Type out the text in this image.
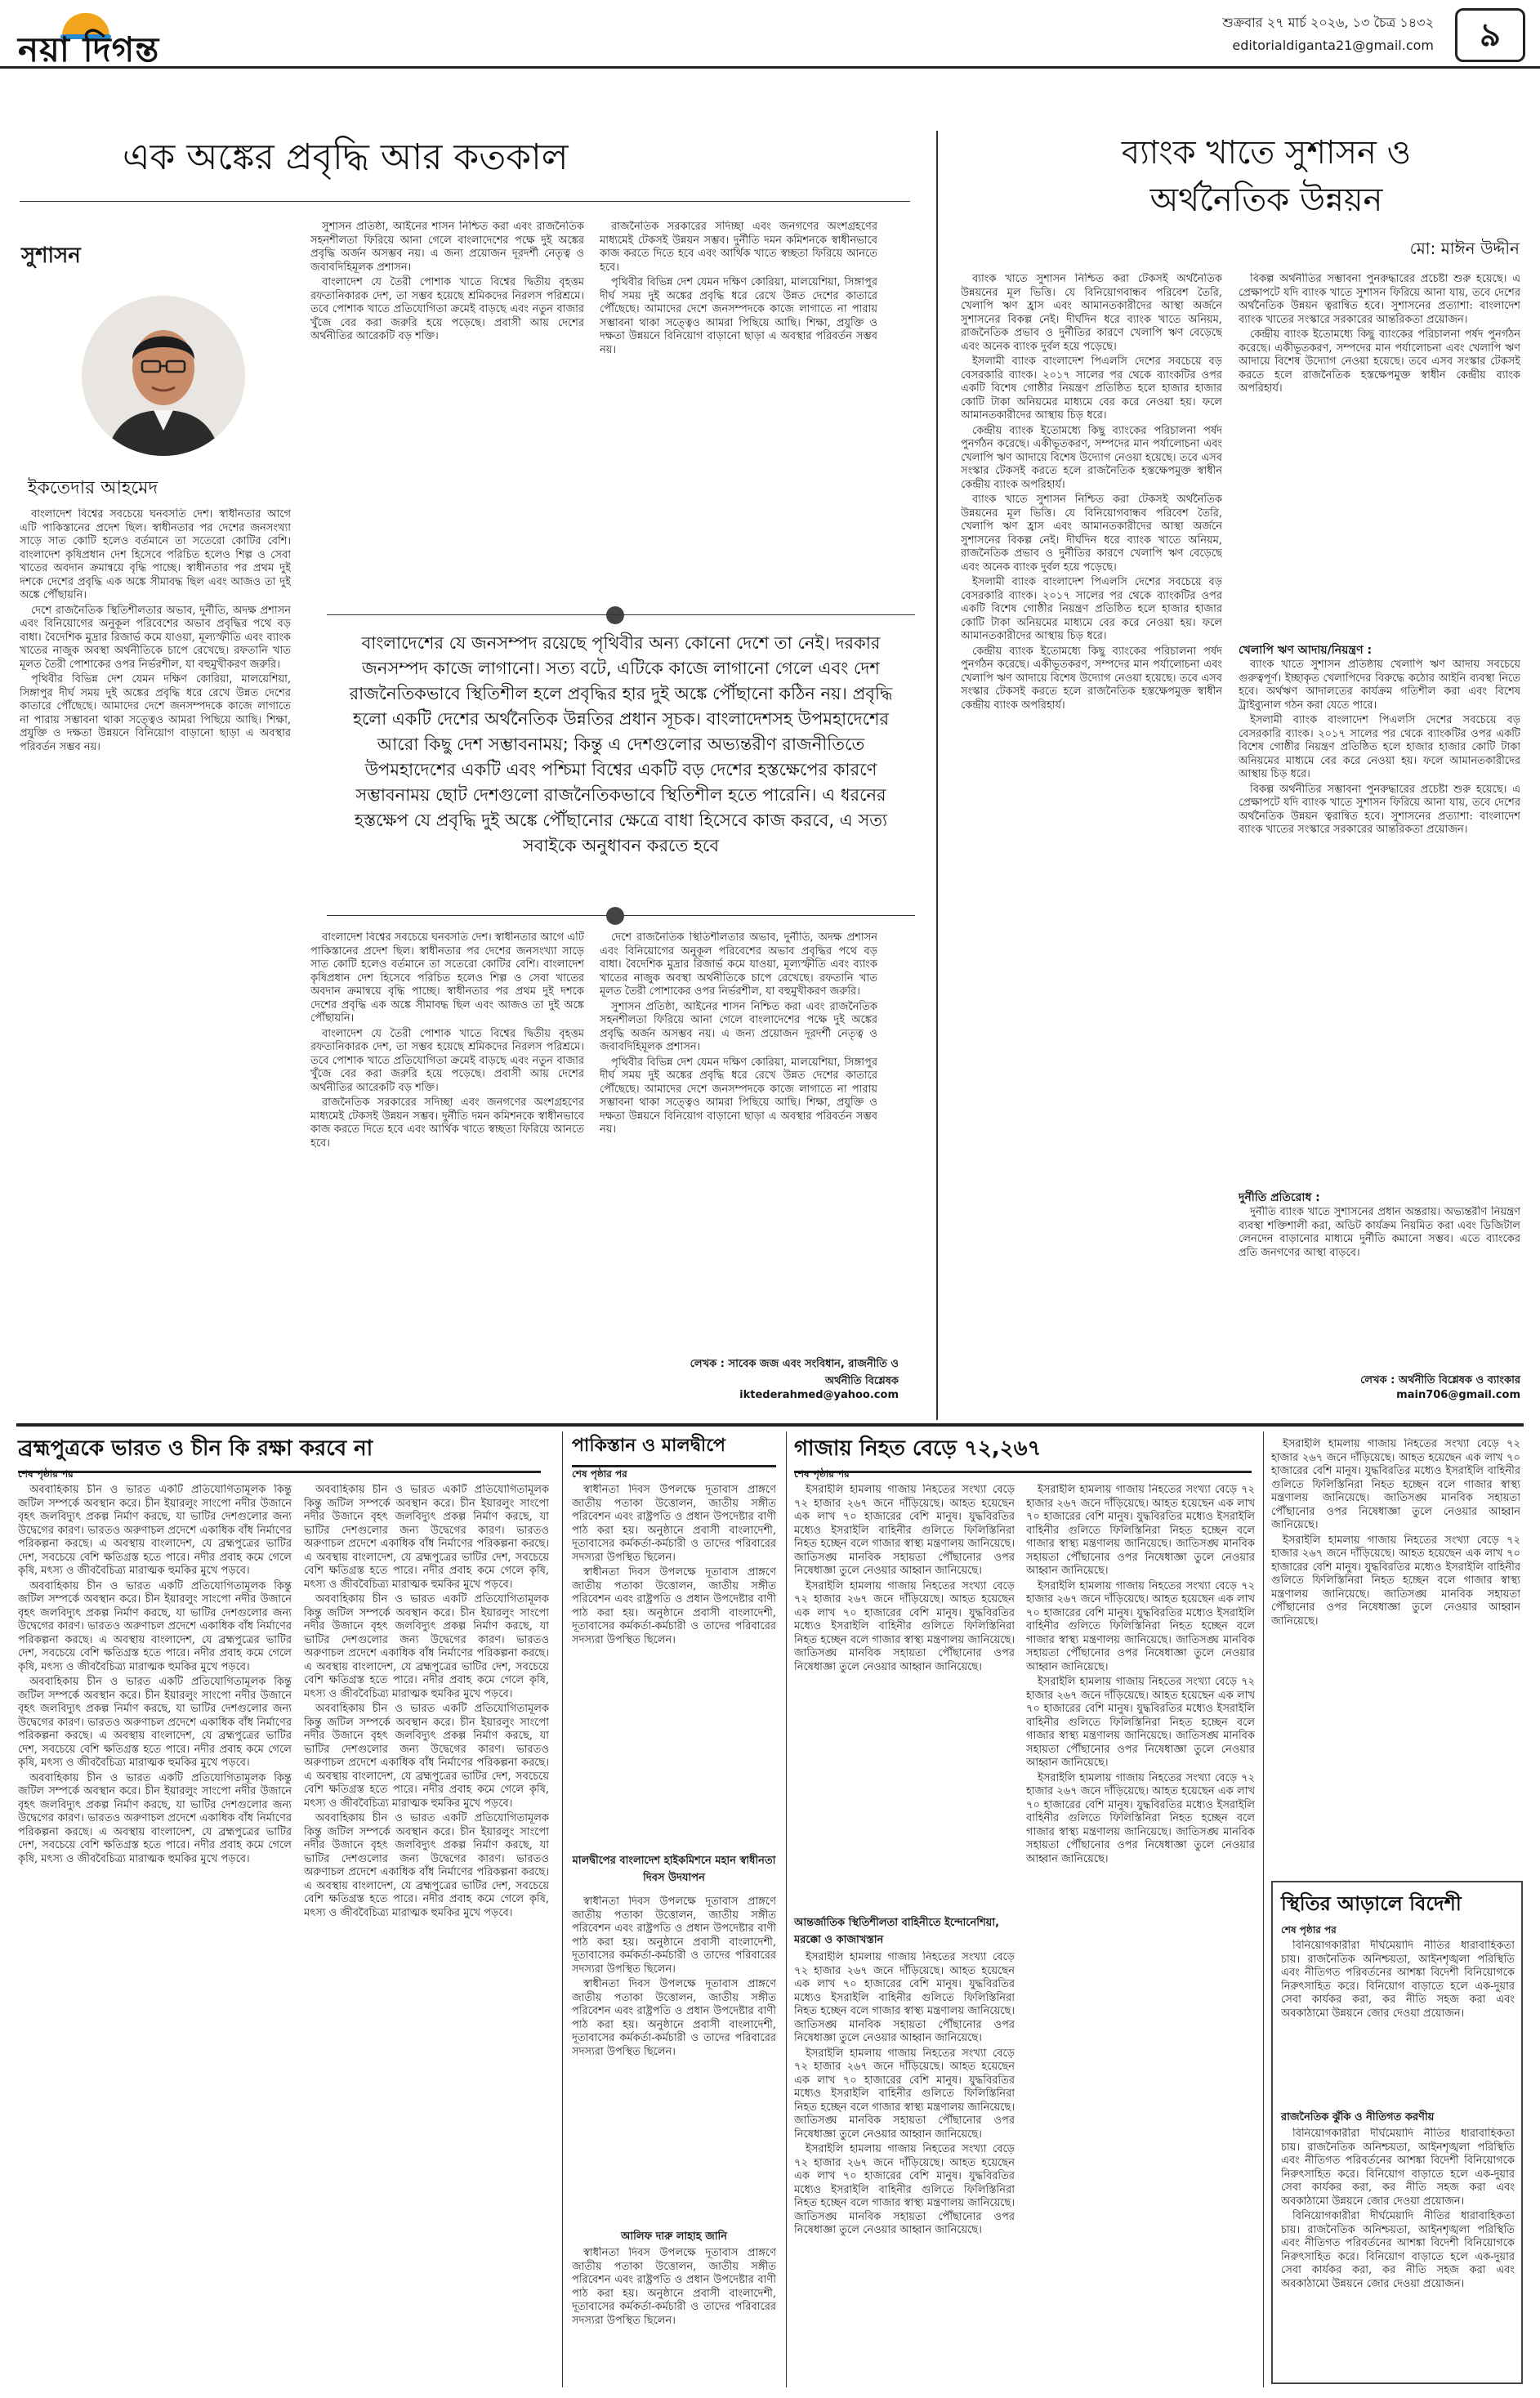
নয়া দিগন্ত
শুক্রবার ২৭ মার্চ ২০২৬, ১৩ চৈত্র ১৪৩২
editorialdiganta21@gmail.com	৯
এক অঙ্কের প্রবৃদ্ধি আর কতকাল
সুশাসন
ইকতেদার আহমেদ

বাংলাদেশ বিশ্বের সবচেয়ে ঘনবসতি দেশ। স্বাধীনতার আগে এটি পাকিস্তানের প্রদেশ ছিল। স্বাধীনতার পর দেশের জনসংখ্যা সাড়ে সাত কোটি হলেও বর্তমানে তা সতেরো কোটির বেশি। বাংলাদেশ কৃষিপ্রধান দেশ হিসেবে পরিচিত হলেও শিল্প ও সেবা খাতের অবদান ক্রমান্বয়ে বৃদ্ধি পাচ্ছে। স্বাধীনতার পর প্রথম দুই দশকে দেশের প্রবৃদ্ধি এক অঙ্কে সীমাবদ্ধ ছিল এবং আজও তা দুই অঙ্কে পৌঁছায়নি।

দেশে রাজনৈতিক স্থিতিশীলতার অভাব, দুর্নীতি, অদক্ষ প্রশাসন এবং বিনিয়োগের অনুকূল পরিবেশের অভাব প্রবৃদ্ধির পথে বড় বাধা। বৈদেশিক মুদ্রার রিজার্ভ কমে যাওয়া, মূল্যস্ফীতি এবং ব্যাংক খাতের নাজুক অবস্থা অর্থনীতিকে চাপে রেখেছে। রফতানি খাত মূলত তৈরী পোশাকের ওপর নির্ভরশীল, যা বহুমুখীকরণ জরুরি।

পৃথিবীর বিভিন্ন দেশ যেমন দক্ষিণ কোরিয়া, মালয়েশিয়া, সিঙ্গাপুর দীর্ঘ সময় দুই অঙ্কের প্রবৃদ্ধি ধরে রেখে উন্নত দেশের কাতারে পৌঁছেছে। আমাদের দেশে জনসম্পদকে কাজে লাগাতে না পারায় সম্ভাবনা থাকা সত্ত্বেও আমরা পিছিয়ে আছি। শিক্ষা, প্রযুক্তি ও দক্ষতা উন্নয়নে বিনিয়োগ বাড়ানো ছাড়া এ অবস্থার পরিবর্তন সম্ভব নয়।

সুশাসন প্রতিষ্ঠা, আইনের শাসন নিশ্চিত করা এবং রাজনৈতিক সহনশীলতা ফিরিয়ে আনা গেলে বাংলাদেশের পক্ষে দুই অঙ্কের প্রবৃদ্ধি অর্জন অসম্ভব নয়। এ জন্য প্রয়োজন দূরদর্শী নেতৃত্ব ও জবাবদিহিমূলক প্রশাসন।

বাংলাদেশ যে তৈরী পোশাক খাতে বিশ্বের দ্বিতীয় বৃহত্তম রফতানিকারক দেশ, তা সম্ভব হয়েছে শ্রমিকদের নিরলস পরিশ্রমে। তবে পোশাক খাতে প্রতিযোগিতা ক্রমেই বাড়ছে এবং নতুন বাজার খুঁজে বের করা জরুরি হয়ে পড়েছে। প্রবাসী আয় দেশের অর্থনীতির আরেকটি বড় শক্তি।

রাজনৈতিক সরকারের সদিচ্ছা এবং জনগণের অংশগ্রহণের মাধ্যমেই টেকসই উন্নয়ন সম্ভব। দুর্নীতি দমন কমিশনকে স্বাধীনভাবে কাজ করতে দিতে হবে এবং আর্থিক খাতে স্বচ্ছতা ফিরিয়ে আনতে হবে।

পৃথিবীর বিভিন্ন দেশ যেমন দক্ষিণ কোরিয়া, মালয়েশিয়া, সিঙ্গাপুর দীর্ঘ সময় দুই অঙ্কের প্রবৃদ্ধি ধরে রেখে উন্নত দেশের কাতারে পৌঁছেছে। আমাদের দেশে জনসম্পদকে কাজে লাগাতে না পারায় সম্ভাবনা থাকা সত্ত্বেও আমরা পিছিয়ে আছি। শিক্ষা, প্রযুক্তি ও দক্ষতা উন্নয়নে বিনিয়োগ বাড়ানো ছাড়া এ অবস্থার পরিবর্তন সম্ভব নয়।

বাংলাদেশের যে জনসম্পদ রয়েছে পৃথিবীর অন্য কোনো দেশে তা নেই। দরকার জনসম্পদ কাজে লাগানো। সত্য বটে, এটিকে কাজে লাগানো গেলে এবং দেশ রাজনৈতিকভাবে স্থিতিশীল হলে প্রবৃদ্ধির হার দুই অঙ্কে পৌঁছানো কঠিন নয়। প্রবৃদ্ধি হলো একটি দেশের অর্থনৈতিক উন্নতির প্রধান সূচক। বাংলাদেশসহ উপমহাদেশের আরো কিছু দেশ সম্ভাবনাময়; কিন্তু এ দেশগুলোর অভ্যন্তরীণ রাজনীতিতে উপমহাদেশের একটি এবং পশ্চিমা বিশ্বের একটি বড় দেশের হস্তক্ষেপের কারণে সম্ভাবনাময় ছোট দেশগুলো রাজনৈতিকভাবে স্থিতিশীল হতে পারেনি। এ ধরনের হস্তক্ষেপ যে প্রবৃদ্ধি দুই অঙ্কে পৌঁছানোর ক্ষেত্রে বাধা হিসেবে কাজ করবে, এ সত্য সবাইকে অনুধাবন করতে হবে

বাংলাদেশ বিশ্বের সবচেয়ে ঘনবসতি দেশ। স্বাধীনতার আগে এটি পাকিস্তানের প্রদেশ ছিল। স্বাধীনতার পর দেশের জনসংখ্যা সাড়ে সাত কোটি হলেও বর্তমানে তা সতেরো কোটির বেশি। বাংলাদেশ কৃষিপ্রধান দেশ হিসেবে পরিচিত হলেও শিল্প ও সেবা খাতের অবদান ক্রমান্বয়ে বৃদ্ধি পাচ্ছে। স্বাধীনতার পর প্রথম দুই দশকে দেশের প্রবৃদ্ধি এক অঙ্কে সীমাবদ্ধ ছিল এবং আজও তা দুই অঙ্কে পৌঁছায়নি।

বাংলাদেশ যে তৈরী পোশাক খাতে বিশ্বের দ্বিতীয় বৃহত্তম রফতানিকারক দেশ, তা সম্ভব হয়েছে শ্রমিকদের নিরলস পরিশ্রমে। তবে পোশাক খাতে প্রতিযোগিতা ক্রমেই বাড়ছে এবং নতুন বাজার খুঁজে বের করা জরুরি হয়ে পড়েছে। প্রবাসী আয় দেশের অর্থনীতির আরেকটি বড় শক্তি।

রাজনৈতিক সরকারের সদিচ্ছা এবং জনগণের অংশগ্রহণের মাধ্যমেই টেকসই উন্নয়ন সম্ভব। দুর্নীতি দমন কমিশনকে স্বাধীনভাবে কাজ করতে দিতে হবে এবং আর্থিক খাতে স্বচ্ছতা ফিরিয়ে আনতে হবে।

দেশে রাজনৈতিক স্থিতিশীলতার অভাব, দুর্নীতি, অদক্ষ প্রশাসন এবং বিনিয়োগের অনুকূল পরিবেশের অভাব প্রবৃদ্ধির পথে বড় বাধা। বৈদেশিক মুদ্রার রিজার্ভ কমে যাওয়া, মূল্যস্ফীতি এবং ব্যাংক খাতের নাজুক অবস্থা অর্থনীতিকে চাপে রেখেছে। রফতানি খাত মূলত তৈরী পোশাকের ওপর নির্ভরশীল, যা বহুমুখীকরণ জরুরি।

সুশাসন প্রতিষ্ঠা, আইনের শাসন নিশ্চিত করা এবং রাজনৈতিক সহনশীলতা ফিরিয়ে আনা গেলে বাংলাদেশের পক্ষে দুই অঙ্কের প্রবৃদ্ধি অর্জন অসম্ভব নয়। এ জন্য প্রয়োজন দূরদর্শী নেতৃত্ব ও জবাবদিহিমূলক প্রশাসন।

পৃথিবীর বিভিন্ন দেশ যেমন দক্ষিণ কোরিয়া, মালয়েশিয়া, সিঙ্গাপুর দীর্ঘ সময় দুই অঙ্কের প্রবৃদ্ধি ধরে রেখে উন্নত দেশের কাতারে পৌঁছেছে। আমাদের দেশে জনসম্পদকে কাজে লাগাতে না পারায় সম্ভাবনা থাকা সত্ত্বেও আমরা পিছিয়ে আছি। শিক্ষা, প্রযুক্তি ও দক্ষতা উন্নয়নে বিনিয়োগ বাড়ানো ছাড়া এ অবস্থার পরিবর্তন সম্ভব নয়।

লেখক : সাবেক জজ এবং সংবিধান, রাজনীতি ও অর্থনীতি বিশ্লেষক
iktederahmed@yahoo.com
ব্যাংক খাতে সুশাসন ও
অর্থনৈতিক উন্নয়ন
মো: মাঈন উদ্দীন

ব্যাংক খাতে সুশাসন নিশ্চিত করা টেকসই অর্থনৈতিক উন্নয়নের মূল ভিত্তি। যে বিনিয়োগবান্ধব পরিবেশ তৈরি, খেলাপি ঋণ হ্রাস এবং আমানতকারীদের আস্থা অর্জনে সুশাসনের বিকল্প নেই। দীর্ঘদিন ধরে ব্যাংক খাতে অনিয়ম, রাজনৈতিক প্রভাব ও দুর্নীতির কারণে খেলাপি ঋণ বেড়েছে এবং অনেক ব্যাংক দুর্বল হয়ে পড়েছে।

ইসলামী ব্যাংক বাংলাদেশ পিএলসি দেশের সবচেয়ে বড় বেসরকারি ব্যাংক। ২০১৭ সালের পর থেকে ব্যাংকটির ওপর একটি বিশেষ গোষ্ঠীর নিয়ন্ত্রণ প্রতিষ্ঠিত হলে হাজার হাজার কোটি টাকা অনিয়মের মাধ্যমে বের করে নেওয়া হয়। ফলে আমানতকারীদের আস্থায় চিড় ধরে।

কেন্দ্রীয় ব্যাংক ইতোমধ্যে কিছু ব্যাংকের পরিচালনা পর্ষদ পুনর্গঠন করেছে। একীভূতকরণ, সম্পদের মান পর্যালোচনা এবং খেলাপি ঋণ আদায়ে বিশেষ উদ্যোগ নেওয়া হয়েছে। তবে এসব সংস্কার টেকসই করতে হলে রাজনৈতিক হস্তক্ষেপমুক্ত স্বাধীন কেন্দ্রীয় ব্যাংক অপরিহার্য।

ব্যাংক খাতে সুশাসন নিশ্চিত করা টেকসই অর্থনৈতিক উন্নয়নের মূল ভিত্তি। যে বিনিয়োগবান্ধব পরিবেশ তৈরি, খেলাপি ঋণ হ্রাস এবং আমানতকারীদের আস্থা অর্জনে সুশাসনের বিকল্প নেই। দীর্ঘদিন ধরে ব্যাংক খাতে অনিয়ম, রাজনৈতিক প্রভাব ও দুর্নীতির কারণে খেলাপি ঋণ বেড়েছে এবং অনেক ব্যাংক দুর্বল হয়ে পড়েছে।

ইসলামী ব্যাংক বাংলাদেশ পিএলসি দেশের সবচেয়ে বড় বেসরকারি ব্যাংক। ২০১৭ সালের পর থেকে ব্যাংকটির ওপর একটি বিশেষ গোষ্ঠীর নিয়ন্ত্রণ প্রতিষ্ঠিত হলে হাজার হাজার কোটি টাকা অনিয়মের মাধ্যমে বের করে নেওয়া হয়। ফলে আমানতকারীদের আস্থায় চিড় ধরে।

কেন্দ্রীয় ব্যাংক ইতোমধ্যে কিছু ব্যাংকের পরিচালনা পর্ষদ পুনর্গঠন করেছে। একীভূতকরণ, সম্পদের মান পর্যালোচনা এবং খেলাপি ঋণ আদায়ে বিশেষ উদ্যোগ নেওয়া হয়েছে। তবে এসব সংস্কার টেকসই করতে হলে রাজনৈতিক হস্তক্ষেপমুক্ত স্বাধীন কেন্দ্রীয় ব্যাংক অপরিহার্য।

বিকল্প অর্থনীতির সম্ভাবনা পুনরুদ্ধারের প্রচেষ্টা শুরু হয়েছে। এ প্রেক্ষাপটে যদি ব্যাংক খাতে সুশাসন ফিরিয়ে আনা যায়, তবে দেশের অর্থনৈতিক উন্নয়ন ত্বরান্বিত হবে। সুশাসনের প্রত্যাশা: বাংলাদেশ ব্যাংক খাতের সংস্কারে সরকারের আন্তরিকতা প্রয়োজন।

কেন্দ্রীয় ব্যাংক ইতোমধ্যে কিছু ব্যাংকের পরিচালনা পর্ষদ পুনর্গঠন করেছে। একীভূতকরণ, সম্পদের মান পর্যালোচনা এবং খেলাপি ঋণ আদায়ে বিশেষ উদ্যোগ নেওয়া হয়েছে। তবে এসব সংস্কার টেকসই করতে হলে রাজনৈতিক হস্তক্ষেপমুক্ত স্বাধীন কেন্দ্রীয় ব্যাংক অপরিহার্য।

খেলাপি ঋণ আদায়/নিয়ন্ত্রণ :

ব্যাংক খাতে সুশাসন প্রতিষ্ঠায় খেলাপি ঋণ আদায় সবচেয়ে গুরুত্বপূর্ণ। ইচ্ছাকৃত খেলাপিদের বিরুদ্ধে কঠোর আইনি ব্যবস্থা নিতে হবে। অর্থঋণ আদালতের কার্যক্রম গতিশীল করা এবং বিশেষ ট্রাইব্যুনাল গঠন করা যেতে পারে।

ইসলামী ব্যাংক বাংলাদেশ পিএলসি দেশের সবচেয়ে বড় বেসরকারি ব্যাংক। ২০১৭ সালের পর থেকে ব্যাংকটির ওপর একটি বিশেষ গোষ্ঠীর নিয়ন্ত্রণ প্রতিষ্ঠিত হলে হাজার হাজার কোটি টাকা অনিয়মের মাধ্যমে বের করে নেওয়া হয়। ফলে আমানতকারীদের আস্থায় চিড় ধরে।

বিকল্প অর্থনীতির সম্ভাবনা পুনরুদ্ধারের প্রচেষ্টা শুরু হয়েছে। এ প্রেক্ষাপটে যদি ব্যাংক খাতে সুশাসন ফিরিয়ে আনা যায়, তবে দেশের অর্থনৈতিক উন্নয়ন ত্বরান্বিত হবে। সুশাসনের প্রত্যাশা: বাংলাদেশ ব্যাংক খাতের সংস্কারে সরকারের আন্তরিকতা প্রয়োজন।

দুর্নীতি প্রতিরোধ :

দুর্নীতি ব্যাংক খাতে সুশাসনের প্রধান অন্তরায়। অভ্যন্তরীণ নিয়ন্ত্রণ ব্যবস্থা শক্তিশালী করা, অডিট কার্যক্রম নিয়মিত করা এবং ডিজিটাল লেনদেন বাড়ানোর মাধ্যমে দুর্নীতি কমানো সম্ভব। এতে ব্যাংকের প্রতি জনগণের আস্থা বাড়বে।

লেখক : অর্থনীতি বিশ্লেষক ও ব্যাংকার
main706@gmail.com
ব্রহ্মপুত্রকে ভারত ও চীন কি রক্ষা করবে না
শেষ পৃষ্ঠার পর

অববাহিকায় চীন ও ভারত একটি প্রতিযোগিতামূলক কিন্তু জটিল সম্পর্কে অবস্থান করে। চীন ইয়ারলুং সাংপো নদীর উজানে বৃহৎ জলবিদ্যুৎ প্রকল্প নির্মাণ করছে, যা ভাটির দেশগুলোর জন্য উদ্বেগের কারণ। ভারতও অরুণাচল প্রদেশে একাধিক বাঁধ নির্মাণের পরিকল্পনা করছে। এ অবস্থায় বাংলাদেশ, যে ব্রহ্মপুত্রের ভাটির দেশ, সবচেয়ে বেশি ক্ষতিগ্রস্ত হতে পারে। নদীর প্রবাহ কমে গেলে কৃষি, মৎস্য ও জীববৈচিত্র্য মারাত্মক হুমকির মুখে পড়বে।

অববাহিকায় চীন ও ভারত একটি প্রতিযোগিতামূলক কিন্তু জটিল সম্পর্কে অবস্থান করে। চীন ইয়ারলুং সাংপো নদীর উজানে বৃহৎ জলবিদ্যুৎ প্রকল্প নির্মাণ করছে, যা ভাটির দেশগুলোর জন্য উদ্বেগের কারণ। ভারতও অরুণাচল প্রদেশে একাধিক বাঁধ নির্মাণের পরিকল্পনা করছে। এ অবস্থায় বাংলাদেশ, যে ব্রহ্মপুত্রের ভাটির দেশ, সবচেয়ে বেশি ক্ষতিগ্রস্ত হতে পারে। নদীর প্রবাহ কমে গেলে কৃষি, মৎস্য ও জীববৈচিত্র্য মারাত্মক হুমকির মুখে পড়বে।

অববাহিকায় চীন ও ভারত একটি প্রতিযোগিতামূলক কিন্তু জটিল সম্পর্কে অবস্থান করে। চীন ইয়ারলুং সাংপো নদীর উজানে বৃহৎ জলবিদ্যুৎ প্রকল্প নির্মাণ করছে, যা ভাটির দেশগুলোর জন্য উদ্বেগের কারণ। ভারতও অরুণাচল প্রদেশে একাধিক বাঁধ নির্মাণের পরিকল্পনা করছে। এ অবস্থায় বাংলাদেশ, যে ব্রহ্মপুত্রের ভাটির দেশ, সবচেয়ে বেশি ক্ষতিগ্রস্ত হতে পারে। নদীর প্রবাহ কমে গেলে কৃষি, মৎস্য ও জীববৈচিত্র্য মারাত্মক হুমকির মুখে পড়বে।

অববাহিকায় চীন ও ভারত একটি প্রতিযোগিতামূলক কিন্তু জটিল সম্পর্কে অবস্থান করে। চীন ইয়ারলুং সাংপো নদীর উজানে বৃহৎ জলবিদ্যুৎ প্রকল্প নির্মাণ করছে, যা ভাটির দেশগুলোর জন্য উদ্বেগের কারণ। ভারতও অরুণাচল প্রদেশে একাধিক বাঁধ নির্মাণের পরিকল্পনা করছে। এ অবস্থায় বাংলাদেশ, যে ব্রহ্মপুত্রের ভাটির দেশ, সবচেয়ে বেশি ক্ষতিগ্রস্ত হতে পারে। নদীর প্রবাহ কমে গেলে কৃষি, মৎস্য ও জীববৈচিত্র্য মারাত্মক হুমকির মুখে পড়বে।

অববাহিকায় চীন ও ভারত একটি প্রতিযোগিতামূলক কিন্তু জটিল সম্পর্কে অবস্থান করে। চীন ইয়ারলুং সাংপো নদীর উজানে বৃহৎ জলবিদ্যুৎ প্রকল্প নির্মাণ করছে, যা ভাটির দেশগুলোর জন্য উদ্বেগের কারণ। ভারতও অরুণাচল প্রদেশে একাধিক বাঁধ নির্মাণের পরিকল্পনা করছে। এ অবস্থায় বাংলাদেশ, যে ব্রহ্মপুত্রের ভাটির দেশ, সবচেয়ে বেশি ক্ষতিগ্রস্ত হতে পারে। নদীর প্রবাহ কমে গেলে কৃষি, মৎস্য ও জীববৈচিত্র্য মারাত্মক হুমকির মুখে পড়বে।

অববাহিকায় চীন ও ভারত একটি প্রতিযোগিতামূলক কিন্তু জটিল সম্পর্কে অবস্থান করে। চীন ইয়ারলুং সাংপো নদীর উজানে বৃহৎ জলবিদ্যুৎ প্রকল্প নির্মাণ করছে, যা ভাটির দেশগুলোর জন্য উদ্বেগের কারণ। ভারতও অরুণাচল প্রদেশে একাধিক বাঁধ নির্মাণের পরিকল্পনা করছে। এ অবস্থায় বাংলাদেশ, যে ব্রহ্মপুত্রের ভাটির দেশ, সবচেয়ে বেশি ক্ষতিগ্রস্ত হতে পারে। নদীর প্রবাহ কমে গেলে কৃষি, মৎস্য ও জীববৈচিত্র্য মারাত্মক হুমকির মুখে পড়বে।

অববাহিকায় চীন ও ভারত একটি প্রতিযোগিতামূলক কিন্তু জটিল সম্পর্কে অবস্থান করে। চীন ইয়ারলুং সাংপো নদীর উজানে বৃহৎ জলবিদ্যুৎ প্রকল্প নির্মাণ করছে, যা ভাটির দেশগুলোর জন্য উদ্বেগের কারণ। ভারতও অরুণাচল প্রদেশে একাধিক বাঁধ নির্মাণের পরিকল্পনা করছে। এ অবস্থায় বাংলাদেশ, যে ব্রহ্মপুত্রের ভাটির দেশ, সবচেয়ে বেশি ক্ষতিগ্রস্ত হতে পারে। নদীর প্রবাহ কমে গেলে কৃষি, মৎস্য ও জীববৈচিত্র্য মারাত্মক হুমকির মুখে পড়বে।

অববাহিকায় চীন ও ভারত একটি প্রতিযোগিতামূলক কিন্তু জটিল সম্পর্কে অবস্থান করে। চীন ইয়ারলুং সাংপো নদীর উজানে বৃহৎ জলবিদ্যুৎ প্রকল্প নির্মাণ করছে, যা ভাটির দেশগুলোর জন্য উদ্বেগের কারণ। ভারতও অরুণাচল প্রদেশে একাধিক বাঁধ নির্মাণের পরিকল্পনা করছে। এ অবস্থায় বাংলাদেশ, যে ব্রহ্মপুত্রের ভাটির দেশ, সবচেয়ে বেশি ক্ষতিগ্রস্ত হতে পারে। নদীর প্রবাহ কমে গেলে কৃষি, মৎস্য ও জীববৈচিত্র্য মারাত্মক হুমকির মুখে পড়বে।

পাকিস্তান ও মালদ্বীপে
শেষ পৃষ্ঠার পর

স্বাধীনতা দিবস উপলক্ষে দূতাবাস প্রাঙ্গণে জাতীয় পতাকা উত্তোলন, জাতীয় সঙ্গীত পরিবেশন এবং রাষ্ট্রপতি ও প্রধান উপদেষ্টার বাণী পাঠ করা হয়। অনুষ্ঠানে প্রবাসী বাংলাদেশী, দূতাবাসের কর্মকর্তা-কর্মচারী ও তাদের পরিবারের সদস্যরা উপস্থিত ছিলেন।

স্বাধীনতা দিবস উপলক্ষে দূতাবাস প্রাঙ্গণে জাতীয় পতাকা উত্তোলন, জাতীয় সঙ্গীত পরিবেশন এবং রাষ্ট্রপতি ও প্রধান উপদেষ্টার বাণী পাঠ করা হয়। অনুষ্ঠানে প্রবাসী বাংলাদেশী, দূতাবাসের কর্মকর্তা-কর্মচারী ও তাদের পরিবারের সদস্যরা উপস্থিত ছিলেন।

মালদ্বীপের বাংলাদেশ হাইকমিশনে মহান স্বাধীনতা দিবস উদযাপন

স্বাধীনতা দিবস উপলক্ষে দূতাবাস প্রাঙ্গণে জাতীয় পতাকা উত্তোলন, জাতীয় সঙ্গীত পরিবেশন এবং রাষ্ট্রপতি ও প্রধান উপদেষ্টার বাণী পাঠ করা হয়। অনুষ্ঠানে প্রবাসী বাংলাদেশী, দূতাবাসের কর্মকর্তা-কর্মচারী ও তাদের পরিবারের সদস্যরা উপস্থিত ছিলেন।

স্বাধীনতা দিবস উপলক্ষে দূতাবাস প্রাঙ্গণে জাতীয় পতাকা উত্তোলন, জাতীয় সঙ্গীত পরিবেশন এবং রাষ্ট্রপতি ও প্রধান উপদেষ্টার বাণী পাঠ করা হয়। অনুষ্ঠানে প্রবাসী বাংলাদেশী, দূতাবাসের কর্মকর্তা-কর্মচারী ও তাদের পরিবারের সদস্যরা উপস্থিত ছিলেন।

আলিফ দারু লাহাহ জানি

স্বাধীনতা দিবস উপলক্ষে দূতাবাস প্রাঙ্গণে জাতীয় পতাকা উত্তোলন, জাতীয় সঙ্গীত পরিবেশন এবং রাষ্ট্রপতি ও প্রধান উপদেষ্টার বাণী পাঠ করা হয়। অনুষ্ঠানে প্রবাসী বাংলাদেশী, দূতাবাসের কর্মকর্তা-কর্মচারী ও তাদের পরিবারের সদস্যরা উপস্থিত ছিলেন।

গাজায় নিহত বেড়ে ৭২,২৬৭
শেষ পৃষ্ঠার পর

ইসরাইলি হামলায় গাজায় নিহতের সংখ্যা বেড়ে ৭২ হাজার ২৬৭ জনে দাঁড়িয়েছে। আহত হয়েছেন এক লাখ ৭০ হাজারের বেশি মানুষ। যুদ্ধবিরতির মধ্যেও ইসরাইলি বাহিনীর গুলিতে ফিলিস্তিনিরা নিহত হচ্ছেন বলে গাজার স্বাস্থ্য মন্ত্রণালয় জানিয়েছে। জাতিসঙ্ঘ মানবিক সহায়তা পৌঁছানোর ওপর নিষেধাজ্ঞা তুলে নেওয়ার আহ্বান জানিয়েছে।

ইসরাইলি হামলায় গাজায় নিহতের সংখ্যা বেড়ে ৭২ হাজার ২৬৭ জনে দাঁড়িয়েছে। আহত হয়েছেন এক লাখ ৭০ হাজারের বেশি মানুষ। যুদ্ধবিরতির মধ্যেও ইসরাইলি বাহিনীর গুলিতে ফিলিস্তিনিরা নিহত হচ্ছেন বলে গাজার স্বাস্থ্য মন্ত্রণালয় জানিয়েছে। জাতিসঙ্ঘ মানবিক সহায়তা পৌঁছানোর ওপর নিষেধাজ্ঞা তুলে নেওয়ার আহ্বান জানিয়েছে।

আন্তর্জাতিক স্থিতিশীলতা বাহিনীতে ইন্দোনেশিয়া, মরক্কো ও কাজাখস্তান

ইসরাইলি হামলায় গাজায় নিহতের সংখ্যা বেড়ে ৭২ হাজার ২৬৭ জনে দাঁড়িয়েছে। আহত হয়েছেন এক লাখ ৭০ হাজারের বেশি মানুষ। যুদ্ধবিরতির মধ্যেও ইসরাইলি বাহিনীর গুলিতে ফিলিস্তিনিরা নিহত হচ্ছেন বলে গাজার স্বাস্থ্য মন্ত্রণালয় জানিয়েছে। জাতিসঙ্ঘ মানবিক সহায়তা পৌঁছানোর ওপর নিষেধাজ্ঞা তুলে নেওয়ার আহ্বান জানিয়েছে।

ইসরাইলি হামলায় গাজায় নিহতের সংখ্যা বেড়ে ৭২ হাজার ২৬৭ জনে দাঁড়িয়েছে। আহত হয়েছেন এক লাখ ৭০ হাজারের বেশি মানুষ। যুদ্ধবিরতির মধ্যেও ইসরাইলি বাহিনীর গুলিতে ফিলিস্তিনিরা নিহত হচ্ছেন বলে গাজার স্বাস্থ্য মন্ত্রণালয় জানিয়েছে। জাতিসঙ্ঘ মানবিক সহায়তা পৌঁছানোর ওপর নিষেধাজ্ঞা তুলে নেওয়ার আহ্বান জানিয়েছে।

ইসরাইলি হামলায় গাজায় নিহতের সংখ্যা বেড়ে ৭২ হাজার ২৬৭ জনে দাঁড়িয়েছে। আহত হয়েছেন এক লাখ ৭০ হাজারের বেশি মানুষ। যুদ্ধবিরতির মধ্যেও ইসরাইলি বাহিনীর গুলিতে ফিলিস্তিনিরা নিহত হচ্ছেন বলে গাজার স্বাস্থ্য মন্ত্রণালয় জানিয়েছে। জাতিসঙ্ঘ মানবিক সহায়তা পৌঁছানোর ওপর নিষেধাজ্ঞা তুলে নেওয়ার আহ্বান জানিয়েছে।

ইসরাইলি হামলায় গাজায় নিহতের সংখ্যা বেড়ে ৭২ হাজার ২৬৭ জনে দাঁড়িয়েছে। আহত হয়েছেন এক লাখ ৭০ হাজারের বেশি মানুষ। যুদ্ধবিরতির মধ্যেও ইসরাইলি বাহিনীর গুলিতে ফিলিস্তিনিরা নিহত হচ্ছেন বলে গাজার স্বাস্থ্য মন্ত্রণালয় জানিয়েছে। জাতিসঙ্ঘ মানবিক সহায়তা পৌঁছানোর ওপর নিষেধাজ্ঞা তুলে নেওয়ার আহ্বান জানিয়েছে।

ইসরাইলি হামলায় গাজায় নিহতের সংখ্যা বেড়ে ৭২ হাজার ২৬৭ জনে দাঁড়িয়েছে। আহত হয়েছেন এক লাখ ৭০ হাজারের বেশি মানুষ। যুদ্ধবিরতির মধ্যেও ইসরাইলি বাহিনীর গুলিতে ফিলিস্তিনিরা নিহত হচ্ছেন বলে গাজার স্বাস্থ্য মন্ত্রণালয় জানিয়েছে। জাতিসঙ্ঘ মানবিক সহায়তা পৌঁছানোর ওপর নিষেধাজ্ঞা তুলে নেওয়ার আহ্বান জানিয়েছে।

ইসরাইলি হামলায় গাজায় নিহতের সংখ্যা বেড়ে ৭২ হাজার ২৬৭ জনে দাঁড়িয়েছে। আহত হয়েছেন এক লাখ ৭০ হাজারের বেশি মানুষ। যুদ্ধবিরতির মধ্যেও ইসরাইলি বাহিনীর গুলিতে ফিলিস্তিনিরা নিহত হচ্ছেন বলে গাজার স্বাস্থ্য মন্ত্রণালয় জানিয়েছে। জাতিসঙ্ঘ মানবিক সহায়তা পৌঁছানোর ওপর নিষেধাজ্ঞা তুলে নেওয়ার আহ্বান জানিয়েছে।

ইসরাইলি হামলায় গাজায় নিহতের সংখ্যা বেড়ে ৭২ হাজার ২৬৭ জনে দাঁড়িয়েছে। আহত হয়েছেন এক লাখ ৭০ হাজারের বেশি মানুষ। যুদ্ধবিরতির মধ্যেও ইসরাইলি বাহিনীর গুলিতে ফিলিস্তিনিরা নিহত হচ্ছেন বলে গাজার স্বাস্থ্য মন্ত্রণালয় জানিয়েছে। জাতিসঙ্ঘ মানবিক সহায়তা পৌঁছানোর ওপর নিষেধাজ্ঞা তুলে নেওয়ার আহ্বান জানিয়েছে।

ইসরাইলি হামলায় গাজায় নিহতের সংখ্যা বেড়ে ৭২ হাজার ২৬৭ জনে দাঁড়িয়েছে। আহত হয়েছেন এক লাখ ৭০ হাজারের বেশি মানুষ। যুদ্ধবিরতির মধ্যেও ইসরাইলি বাহিনীর গুলিতে ফিলিস্তিনিরা নিহত হচ্ছেন বলে গাজার স্বাস্থ্য মন্ত্রণালয় জানিয়েছে। জাতিসঙ্ঘ মানবিক সহায়তা পৌঁছানোর ওপর নিষেধাজ্ঞা তুলে নেওয়ার আহ্বান জানিয়েছে।

ইসরাইলি হামলায় গাজায় নিহতের সংখ্যা বেড়ে ৭২ হাজার ২৬৭ জনে দাঁড়িয়েছে। আহত হয়েছেন এক লাখ ৭০ হাজারের বেশি মানুষ। যুদ্ধবিরতির মধ্যেও ইসরাইলি বাহিনীর গুলিতে ফিলিস্তিনিরা নিহত হচ্ছেন বলে গাজার স্বাস্থ্য মন্ত্রণালয় জানিয়েছে। জাতিসঙ্ঘ মানবিক সহায়তা পৌঁছানোর ওপর নিষেধাজ্ঞা তুলে নেওয়ার আহ্বান জানিয়েছে।

স্থিতির আড়ালে বিদেশী
শেষ পৃষ্ঠার পর

বিনিয়োগকারীরা দীর্ঘমেয়াদি নীতির ধারাবাহিকতা চায়। রাজনৈতিক অনিশ্চয়তা, আইনশৃঙ্খলা পরিস্থিতি এবং নীতিগত পরিবর্তনের আশঙ্কা বিদেশী বিনিয়োগকে নিরুৎসাহিত করে। বিনিয়োগ বাড়াতে হলে এক-দুয়ার সেবা কার্যকর করা, কর নীতি সহজ করা এবং অবকাঠামো উন্নয়নে জোর দেওয়া প্রয়োজন।

রাজনৈতিক ঝুঁকি ও নীতিগত করণীয়

বিনিয়োগকারীরা দীর্ঘমেয়াদি নীতির ধারাবাহিকতা চায়। রাজনৈতিক অনিশ্চয়তা, আইনশৃঙ্খলা পরিস্থিতি এবং নীতিগত পরিবর্তনের আশঙ্কা বিদেশী বিনিয়োগকে নিরুৎসাহিত করে। বিনিয়োগ বাড়াতে হলে এক-দুয়ার সেবা কার্যকর করা, কর নীতি সহজ করা এবং অবকাঠামো উন্নয়নে জোর দেওয়া প্রয়োজন।

বিনিয়োগকারীরা দীর্ঘমেয়াদি নীতির ধারাবাহিকতা চায়। রাজনৈতিক অনিশ্চয়তা, আইনশৃঙ্খলা পরিস্থিতি এবং নীতিগত পরিবর্তনের আশঙ্কা বিদেশী বিনিয়োগকে নিরুৎসাহিত করে। বিনিয়োগ বাড়াতে হলে এক-দুয়ার সেবা কার্যকর করা, কর নীতি সহজ করা এবং অবকাঠামো উন্নয়নে জোর দেওয়া প্রয়োজন।
